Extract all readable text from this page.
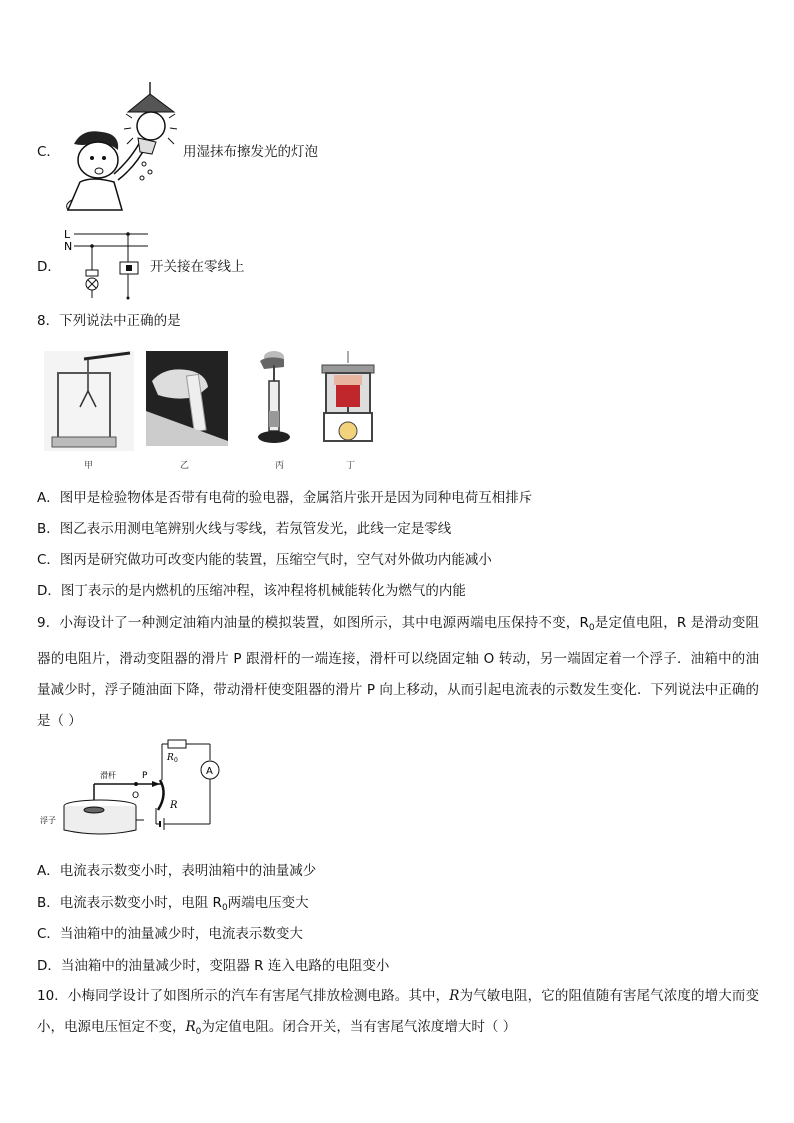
C．	用湿抹布擦发光的灯泡
D．
L
N
开关接在零线上
8．下列说法中正确的是
甲	乙	丙	丁
A．图甲是检验物体是否带有电荷的验电器，金属箔片张开是因为同种电荷互相排斥
B．图乙表示用测电笔辨别火线与零线，若氖管发光，此线一定是零线
C．图丙是研究做功可改变内能的装置，压缩空气时，空气对外做功内能减小
D．图丁表示的是内燃机的压缩冲程，该冲程将机械能转化为燃气的内能
9．小海设计了一种测定油箱内油量的模拟装置，如图所示，其中电源两端电压保持不变，$R_0$是定值电阻，R 是滑动变阻器的电阻片，滑动变阻器的滑片 P 跟滑杆的一端连接，滑杆可以绕固定轴 O 转动，另一端固定着一个浮子．油箱中的油量减少时，浮子随油面下降，带动滑杆使变阻器的滑片 P 向上移动，从而引起电流表的示数发生变化．下列说法中正确的是（ ）
R 0
A
R
P
O
滑杆
浮子
A．电流表示数变小时，表明油箱中的油量减少
B．电流表示数变小时，电阻 $R_0$两端电压变大
C．当油箱中的油量减少时，电流表示数变大
D．当油箱中的油量减少时，变阻器 R 连入电路的电阻变小
10．小梅同学设计了如图所示的汽车有害尾气排放检测电路。其中，R为气敏电阻，它的阻值随有害尾气浓度的增大而变小，电源电压恒定不变，$R_0$为定值电阻。闭合开关，当有害尾气浓度增大时（ ）
